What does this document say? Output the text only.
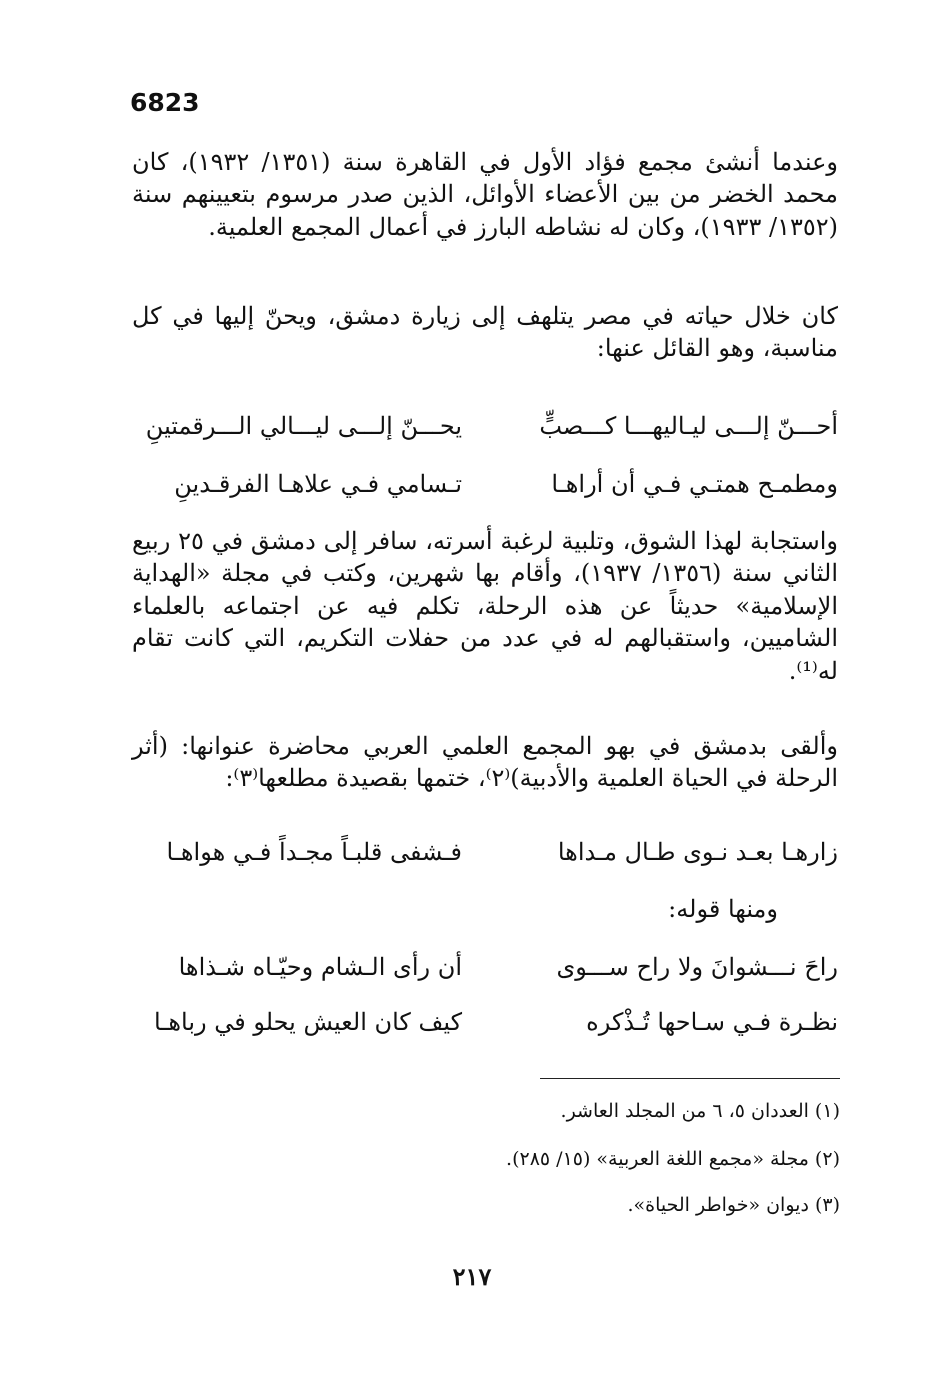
6823
وعندما أنشئ مجمع فؤاد الأول في القاهرة سنة (١٣٥١/ ١٩٣٢)، كان محمد الخضر من بين الأعضاء الأوائل، الذين صدر مرسوم بتعيينهم سنة (١٣٥٢/ ١٩٣٣)، وكان له نشاطه البارز في أعمال المجمع العلمية.
كان خلال حياته في مصر يتلهف إلى زيارة دمشق، ويحنّ إليها في كل مناسبة، وهو القائل عنها:
أحـــنّ إلـــى ليـاليهـــا كـــصبٍّ
يحـــنّ إلـــى ليـــالي الـــرقمتينِ
ومطمـح همتـي فـي أن أراهـا
تـسامي فـي علاهـا الفرقـدينِ
واستجابة لهذا الشوق، وتلبية لرغبة أسرته، سافر إلى دمشق في ٢٥ ربيع الثاني سنة (١٣٥٦/ ١٩٣٧)، وأقام بها شهرين، وكتب في مجلة «الهداية الإسلامية» حديثاً عن هذه الرحلة، تكلم فيه عن اجتماعه بالعلماء الشاميين، واستقبالهم له في عدد من حفلات التكريم، التي كانت تقام له⁽¹⁾.
وألقى بدمشق في بهو المجمع العلمي العربي محاضرة عنوانها: (أثر الرحلة في الحياة العلمية والأدبية)⁽٢⁾، ختمها بقصيدة مطلعها⁽٣⁾:
زارهـا بعـد نـوى طـال مـداها
فـشفى قلبـاً مجـداً فـي هواهـا
ومنها قوله:
راحَ نـــشوانَ ولا راح ســـوى
أن رأى الـشام وحيّـاه شـذاها
نظـرة فـي سـاحها تُـذْكره
كيف كان العيش يحلو في رباهـا
(١) العددان ٥، ٦ من المجلد العاشر.
(٢) مجلة «مجمع اللغة العربية» (١٥/ ٢٨٥).
(٣) ديوان «خواطر الحياة».
٢١٧
